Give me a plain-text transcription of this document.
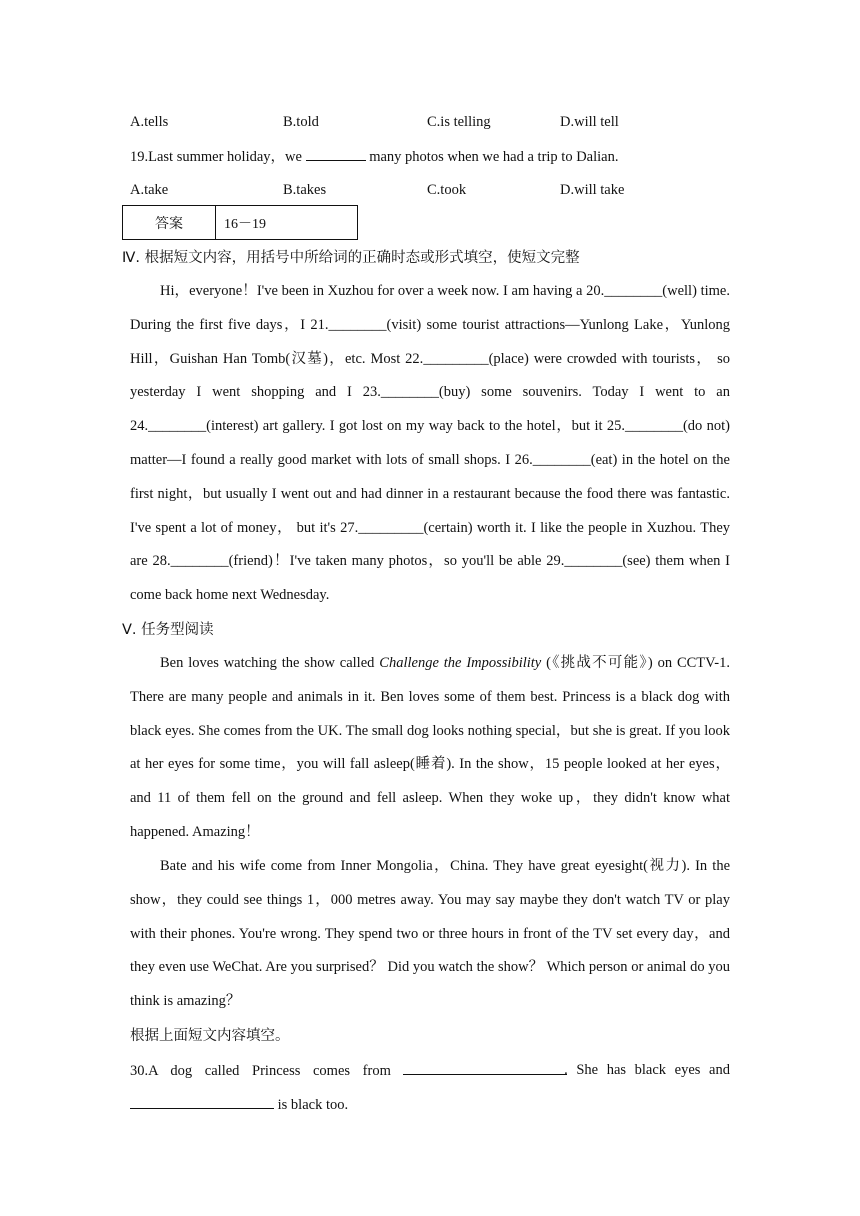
A.tells	B.told	C.is telling	D.will tell
19.Last summer holiday，we	many photos when we had a trip to Dalian.
A.take	B.takes	C.took	D.will take
答案	16－19
Ⅳ. 根据短文内容，用括号中所给词的正确时态或形式填空，使短文完整
Hi，everyone！I've been in Xuzhou for over a week now. I am having a 20.________(well) time. During the first five days，I 21.________(visit) some tourist attractions—Yunlong Lake，Yunlong Hill，Guishan Han Tomb(汉墓)，etc. Most 22._________(place) were crowded with tourists， so yesterday I went shopping and I 23.________(buy) some souvenirs. Today I went to an 24.________(interest) art gallery. I got lost on my way back to the hotel，but it 25.________(do not) matter—I found a really good market with lots of small shops. I 26.________(eat) in the hotel on the first night，but usually I went out and had dinner in a restaurant because the food there was fantastic. I've spent a lot of money， but it's 27._________(certain) worth it. I like the people in Xuzhou. They are 28.________(friend)！I've taken many photos，so you'll be able 29.________(see) them when I come back home next Wednesday.
Ⅴ. 任务型阅读
Ben loves watching the show called Challenge the Impossibility (《挑战不可能》) on CCTV-1. There are many people and animals in it. Ben loves some of them best. Princess is a black dog with black eyes. She comes from the UK. The small dog looks nothing special，but she is great. If you look at her eyes for some time，you will fall asleep(睡着). In the show，15 people looked at her eyes，and 11 of them fell on the ground and fell asleep. When they woke up，they didn't know what happened. Amazing！
Bate and his wife come from Inner Mongolia，China. They have great eyesight(视力). In the show，they could see things 1，000 metres away. You may say maybe they don't watch TV or play with their phones. You're wrong. They spend two or three hours in front of the TV set every day，and they even use WeChat. Are you surprised？ Did you watch the show？ Which person or animal do you think is amazing？
根据上面短文内容填空。
30.A dog called Princess comes from	. She has black eyes and
is black too.
